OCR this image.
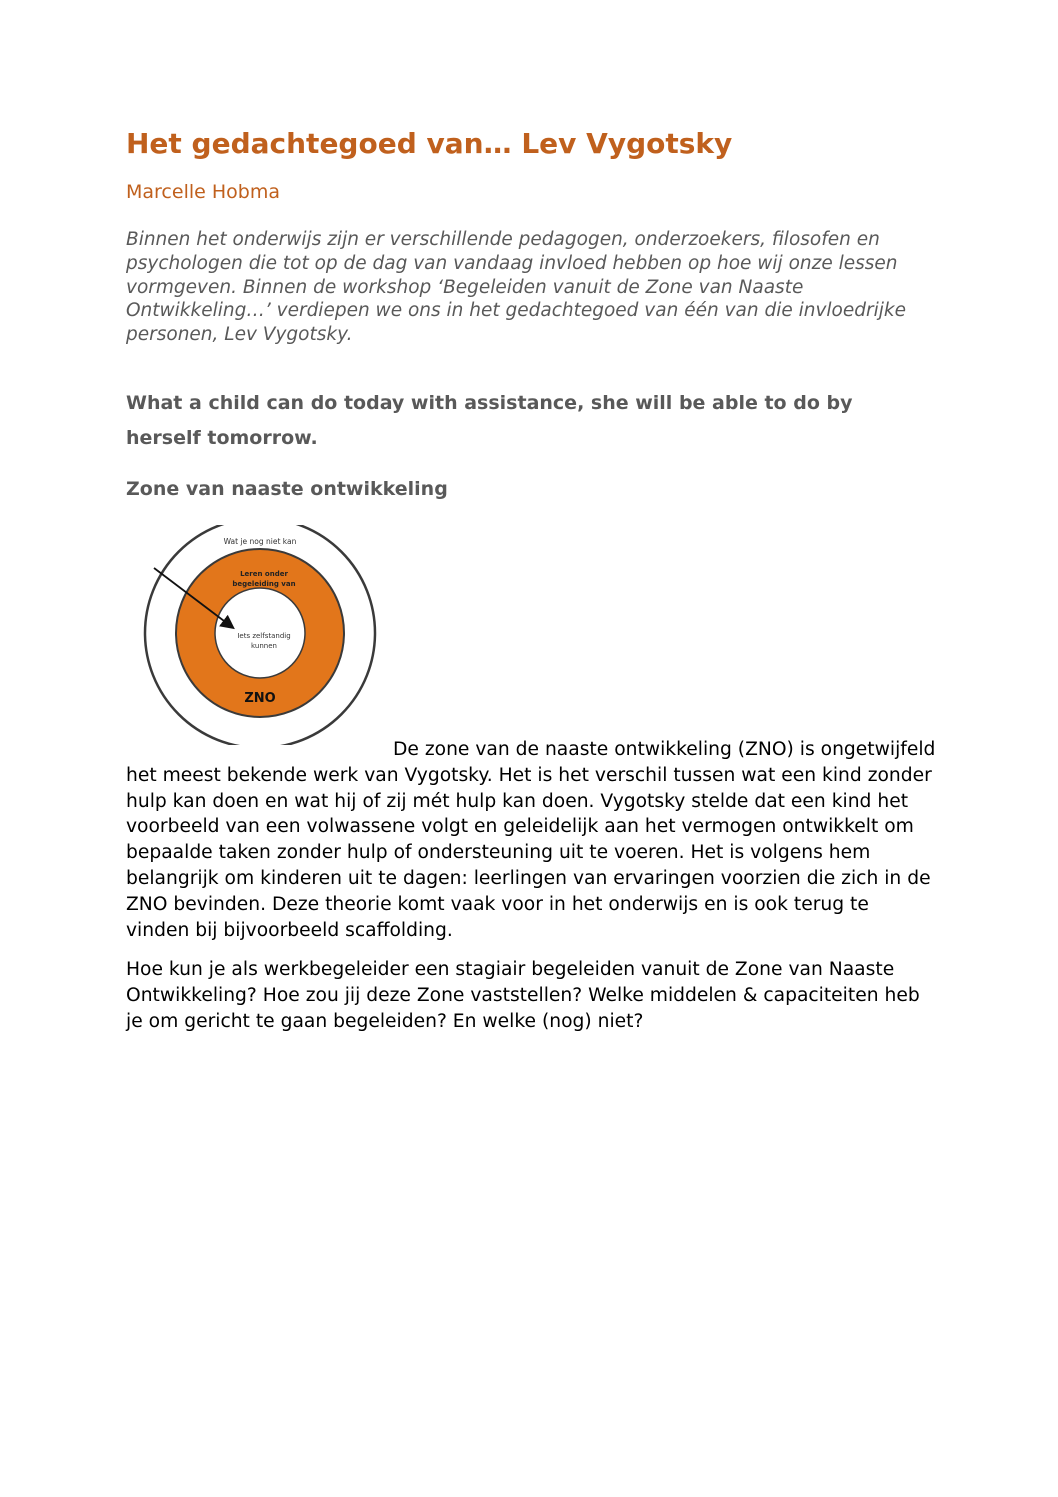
Het gedachtegoed van… Lev Vygotsky
Marcelle Hobma

Binnen het onderwijs zijn er verschillende pedagogen, onderzoekers, filosofen en psychologen die tot op de dag van vandaag invloed hebben op hoe wij onze lessen vormgeven. Binnen de workshop ‘Begeleiden vanuit de Zone van Naaste Ontwikkeling…’ verdiepen we ons in het gedachtegoed van één van die invloedrijke personen, Lev Vygotsky.

What a child can do today with assistance, she will be able to do by herself tomorrow.

Zone van naaste ontwikkeling
Wat je nog niet kan
Leren onder
begeleiding van
Iets zelfstandig
kunnen
ZNO

De zone van de naaste ontwikkeling (ZNO) is ongetwijfeld het meest bekende werk van Vygotsky. Het is het verschil tussen wat een kind zonder hulp kan doen en wat hij of zij mét hulp kan doen. Vygotsky stelde dat een kind het voorbeeld van een volwassene volgt en geleidelijk aan het vermogen ontwikkelt om bepaalde taken zonder hulp of ondersteuning uit te voeren. Het is volgens hem belangrijk om kinderen uit te dagen: leerlingen van ervaringen voorzien die zich in de ZNO bevinden. Deze theorie komt vaak voor in het onderwijs en is ook terug te vinden bij bijvoorbeeld scaffolding.

Hoe kun je als werkbegeleider een stagiair begeleiden vanuit de Zone van Naaste Ontwikkeling? Hoe zou jij deze Zone vaststellen? Welke middelen & capaciteiten heb je om gericht te gaan begeleiden? En welke (nog) niet?
